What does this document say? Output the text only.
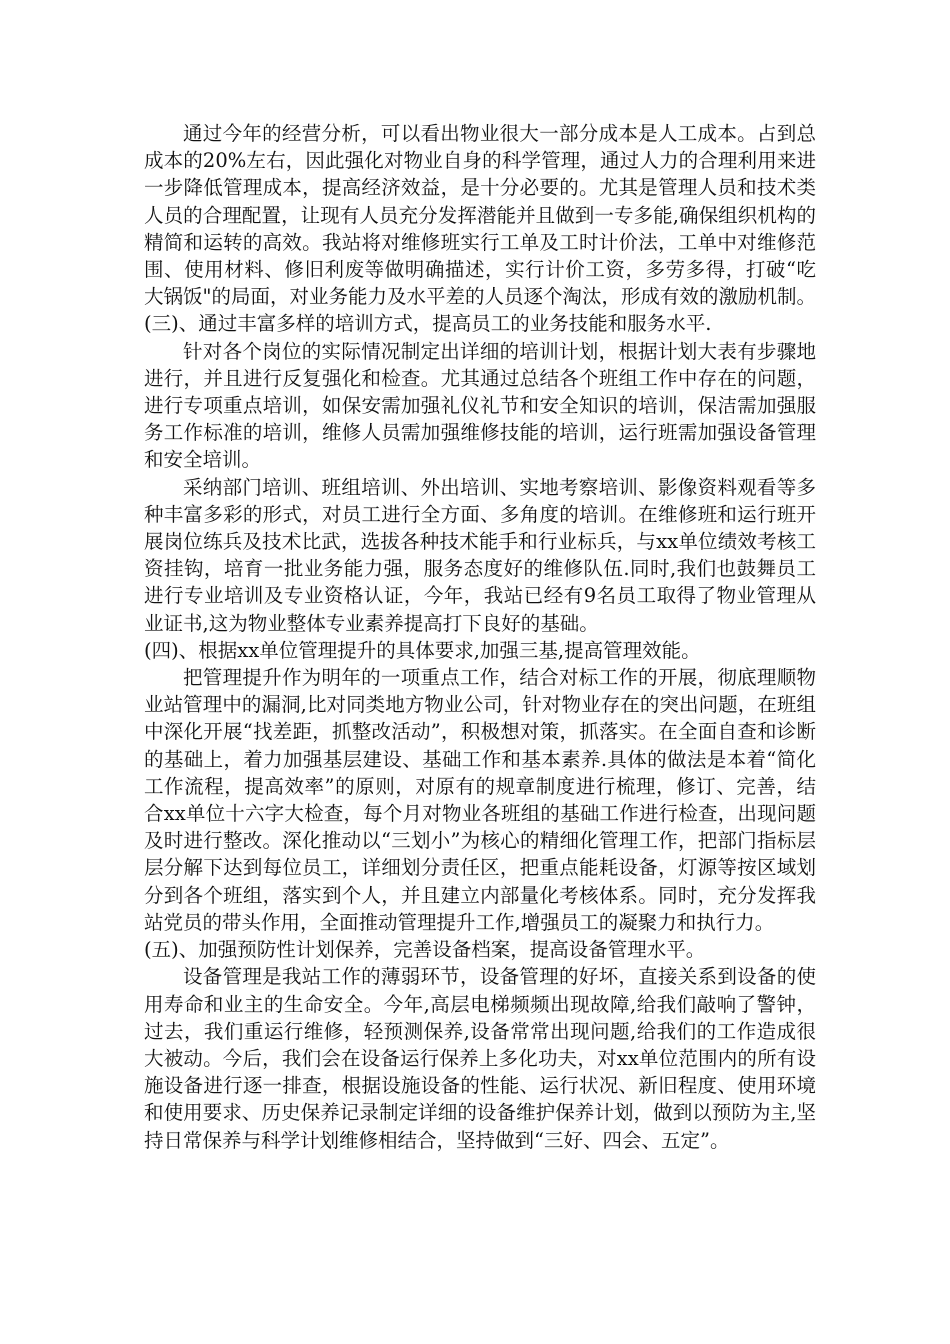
通过今年的经营分析，可以看出物业很大一部分成本是人工成本。占到总成本的20%左右，因此强化对物业自身的科学管理，通过人力的合理利用来进一步降低管理成本，提高经济效益，是十分必要的。尤其是管理人员和技术类人员的合理配置，让现有人员充分发挥潜能并且做到一专多能,确保组织机构的精简和运转的高效。我站将对维修班实行工单及工时计价法，工单中对维修范围、使用材料、修旧利废等做明确描述，实行计价工资，多劳多得，打破“吃大锅饭"的局面，对业务能力及水平差的人员逐个淘汰，形成有效的激励机制。

(三)、通过丰富多样的培训方式，提高员工的业务技能和服务水平.

针对各个岗位的实际情况制定出详细的培训计划，根据计划大表有步骤地进行，并且进行反复强化和检查。尤其通过总结各个班组工作中存在的问题，进行专项重点培训，如保安需加强礼仪礼节和安全知识的培训，保洁需加强服务工作标准的培训，维修人员需加强维修技能的培训，运行班需加强设备管理和安全培训。

采纳部门培训、班组培训、外出培训、实地考察培训、影像资料观看等多种丰富多彩的形式，对员工进行全方面、多角度的培训。在维修班和运行班开展岗位练兵及技术比武，选拔各种技术能手和行业标兵，与xx单位绩效考核工资挂钩，培育一批业务能力强，服务态度好的维修队伍.同时,我们也鼓舞员工进行专业培训及专业资格认证，今年，我站已经有9名员工取得了物业管理从业证书,这为物业整体专业素养提高打下良好的基础。

(四)、根据xx单位管理提升的具体要求,加强三基,提高管理效能。

把管理提升作为明年的一项重点工作，结合对标工作的开展，彻底理顺物业站管理中的漏洞,比对同类地方物业公司，针对物业存在的突出问题，在班组中深化开展“找差距，抓整改活动”，积极想对策，抓落实。在全面自查和诊断的基础上，着力加强基层建设、基础工作和基本素养.具体的做法是本着“简化工作流程，提高效率”的原则，对原有的规章制度进行梳理，修订、完善，结合xx单位十六字大检查，每个月对物业各班组的基础工作进行检查，出现问题及时进行整改。深化推动以“三划小”为核心的精细化管理工作，把部门指标层层分解下达到每位员工，详细划分责任区，把重点能耗设备，灯源等按区域划分到各个班组，落实到个人，并且建立内部量化考核体系。同时，充分发挥我站党员的带头作用，全面推动管理提升工作,增强员工的凝聚力和执行力。

(五)、加强预防性计划保养，完善设备档案，提高设备管理水平。

设备管理是我站工作的薄弱环节，设备管理的好坏，直接关系到设备的使用寿命和业主的生命安全。今年,高层电梯频频出现故障,给我们敲响了警钟，过去，我们重运行维修，轻预测保养,设备常常出现问题,给我们的工作造成很大被动。今后，我们会在设备运行保养上多化功夫，对xx单位范围内的所有设施设备进行逐一排查，根据设施设备的性能、运行状况、新旧程度、使用环境和使用要求、历史保养记录制定详细的设备维护保养计划，做到以预防为主,坚持日常保养与科学计划维修相结合，坚持做到“三好、四会、五定”。
